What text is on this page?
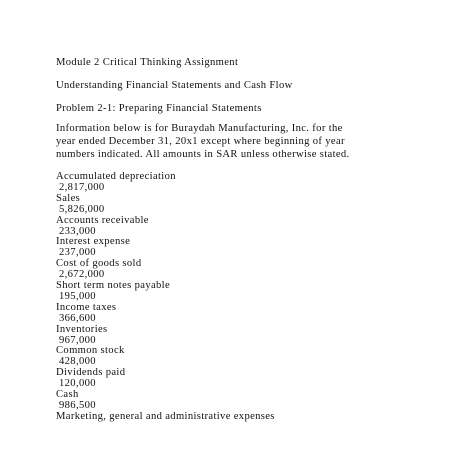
Module 2 Critical Thinking Assignment
Understanding Financial Statements and Cash Flow
Problem 2-1: Preparing Financial Statements
Information below is for Buraydah Manufacturing, Inc. for the
year ended December 31, 20x1 except where beginning of year
numbers indicated. All amounts in SAR unless otherwise stated.
Accumulated depreciation
2,817,000
Sales
5,826,000
Accounts receivable
233,000
Interest expense
237,000
Cost of goods sold
2,672,000
Short term notes payable
195,000
Income taxes
366,600
Inventories
967,000
Common stock
428,000
Dividends paid
120,000
Cash
986,500
Marketing, general and administrative expenses
